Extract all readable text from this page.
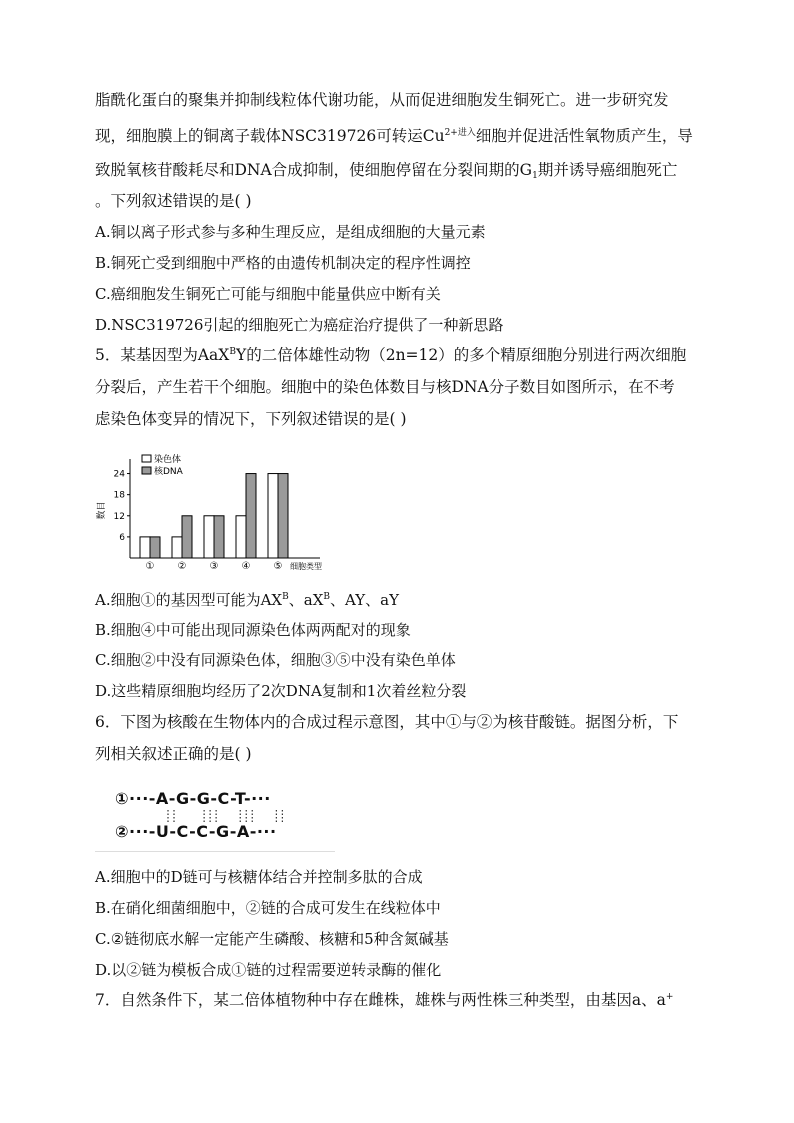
脂酰化蛋白的聚集并抑制线粒体代谢功能，从而促进细胞发生铜死亡。进一步研究发
现，细胞膜上的铜离子载体NSC319726可转运$Cu^{2+进入}$细胞并促进活性氧物质产生，导
致脱氧核苷酸耗尽和DNA合成抑制，使细胞停留在分裂间期的$G_1$期并诱导癌细胞死亡
。下列叙述错误的是( )
A.铜以离子形式参与多种生理反应，是组成细胞的大量元素
B.铜死亡受到细胞中严格的由遗传机制决定的程序性调控
C.癌细胞发生铜死亡可能与细胞中能量供应中断有关
D.NSC319726引起的细胞死亡为癌症治疗提供了一种新思路
5．某基因型为AaX$^B$Y的二倍体雄性动物（2n=12）的多个精原细胞分别进行两次细胞
分裂后，产生若干个细胞。细胞中的染色体数目与核DNA分子数目如图所示，在不考
虑染色体变异的情况下，下列叙述错误的是( )
6
12
18
24
数目
① ② ③ ④ ⑤ 细胞类型
染色体
核DNA
A.细胞①的基因型可能为$AX^B$、$aX^B$、AY、aY
B.细胞④中可能出现同源染色体两两配对的现象
C.细胞②中没有同源染色体，细胞③⑤中没有染色单体
D.这些精原细胞均经历了2次DNA复制和1次着丝粒分裂
6．下图为核酸在生物体内的合成过程示意图，其中①与②为核苷酸链。据图分析，下
列相关叙述正确的是( )
①···-A-G-G-C-T-···
::    :::   :::   ::
::    :::   :::   ::
②···-U-C-C-G-A-···
A.细胞中的D链可与核糖体结合并控制多肽的合成
B.在硝化细菌细胞中，②链的合成可发生在线粒体中
C.②链彻底水解一定能产生磷酸、核糖和5种含氮碱基
D.以②链为模板合成①链的过程需要逆转录酶的催化
7．自然条件下，某二倍体植物种中存在雌株，雄株与两性株三种类型，由基因a、a+
